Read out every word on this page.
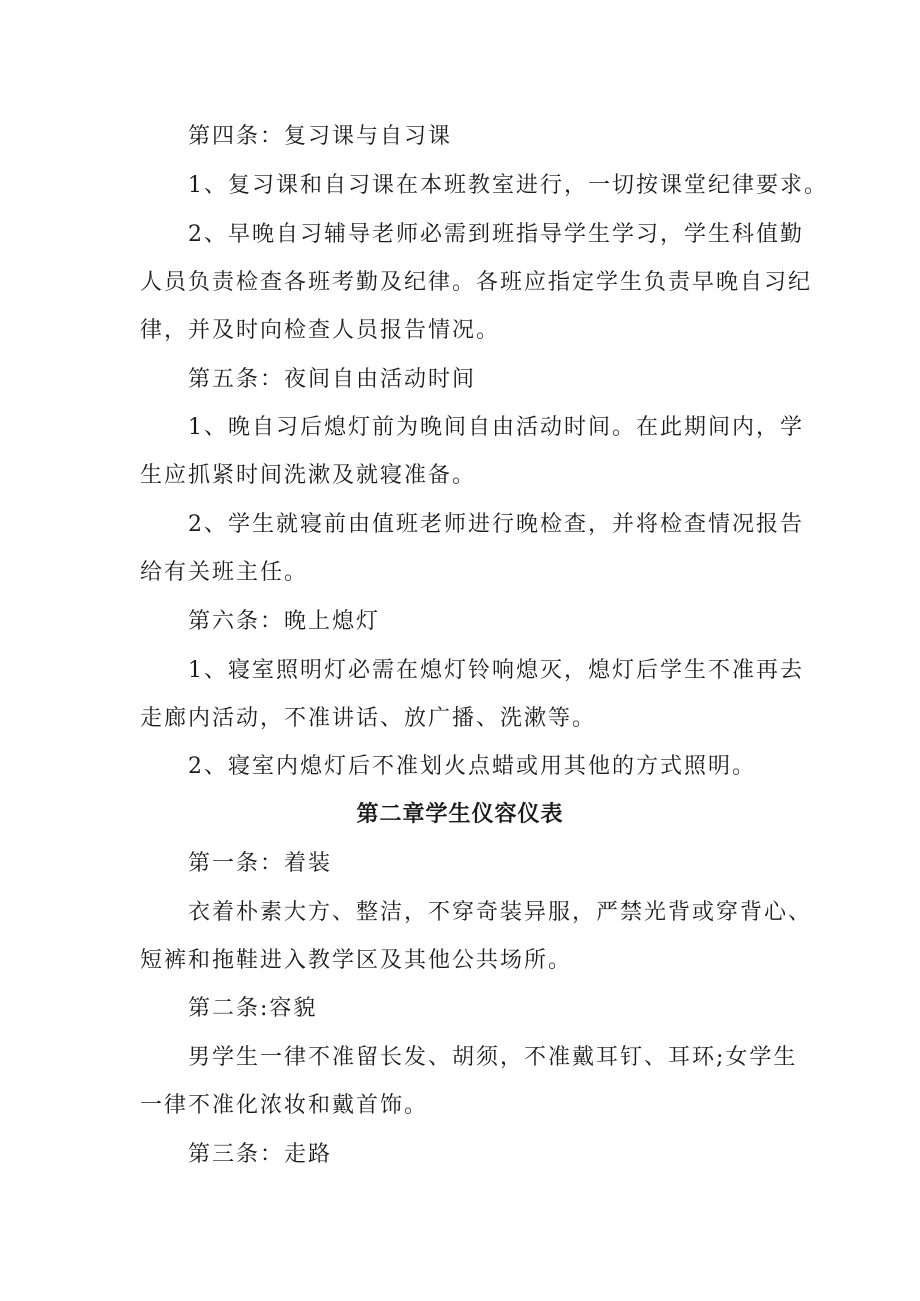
第四条：复习课与自习课
1、复习课和自习课在本班教室进行，一切按课堂纪律要求。
2、早晚自习辅导老师必需到班指导学生学习，学生科值勤
人员负责检查各班考勤及纪律。各班应指定学生负责早晚自习纪
律，并及时向检查人员报告情况。
第五条：夜间自由活动时间
1、晚自习后熄灯前为晚间自由活动时间。在此期间内，学
生应抓紧时间洗漱及就寝准备。
2、学生就寝前由值班老师进行晚检查，并将检查情况报告
给有关班主任。
第六条：晚上熄灯
1、寝室照明灯必需在熄灯铃响熄灭，熄灯后学生不准再去
走廊内活动，不准讲话、放广播、洗漱等。
2、寝室内熄灯后不准划火点蜡或用其他的方式照明。
第二章学生仪容仪表
第一条：着装
衣着朴素大方、整洁，不穿奇装异服，严禁光背或穿背心、
短裤和拖鞋进入教学区及其他公共场所。
第二条:容貌
男学生一律不准留长发、胡须，不准戴耳钉、耳环;女学生
一律不准化浓妆和戴首饰。
第三条：走路
